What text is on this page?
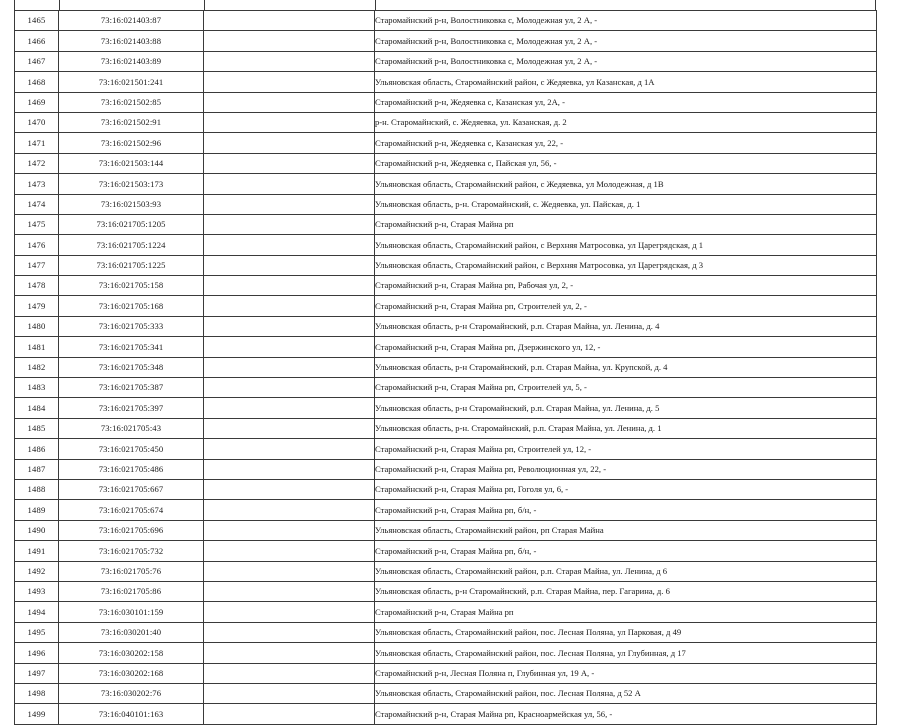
1465	73:16:021403:87		Старомайнский р-н, Волостниковка с, Молодежная ул, 2 А, -
1466	73:16:021403:88		Старомайнский р-н, Волостниковка с, Молодежная ул, 2 А, -
1467	73:16:021403:89		Старомайнский р-н, Волостниковка с, Молодежная ул, 2 А, -
1468	73:16:021501:241		Ульяновская область, Старомайнский район, с Жедяевка, ул Казанская, д 1А
1469	73:16:021502:85		Старомайнский р-н, Жедяевка с, Казанская ул, 2А, -
1470	73:16:021502:91		р-н. Старомайнский, с. Жедяевка, ул. Казанская, д. 2
1471	73:16:021502:96		Старомайнский р-н, Жедяевка с, Казанская ул, 22, -
1472	73:16:021503:144		Старомайнский р-н, Жедяевка с, Пайская ул, 56, -
1473	73:16:021503:173		Ульяновская область, Старомайнский район, с Жедяевка, ул Молодежная, д 1В
1474	73:16:021503:93		Ульяновская область, р-н. Старомайнский, с. Жедяевка, ул. Пайская, д. 1
1475	73:16:021705:1205		Старомайнский р-н, Старая Майна рп
1476	73:16:021705:1224		Ульяновская область, Старомайнский район, с Верхняя Матросовка, ул Царегрядская, д 1
1477	73:16:021705:1225		Ульяновская область, Старомайнский район, с Верхняя Матросовка, ул Царегрядская, д 3
1478	73:16:021705:158		Старомайнский р-н, Старая Майна рп, Рабочая ул, 2, -
1479	73:16:021705:168		Старомайнский р-н, Старая Майна рп, Строителей ул, 2, -
1480	73:16:021705:333		Ульяновская область, р-н Старомайнский, р.п. Старая Майна, ул. Ленина, д. 4
1481	73:16:021705:341		Старомайнский р-н, Старая Майна рп, Дзержинского ул, 12, -
1482	73:16:021705:348		Ульяновская область, р-н Старомайнский, р.п. Старая Майна, ул. Крупской, д. 4
1483	73:16:021705:387		Старомайнский р-н, Старая Майна рп, Строителей ул, 5, -
1484	73:16:021705:397		Ульяновская область, р-н Старомайнский, р.п. Старая Майна, ул. Ленина, д. 5
1485	73:16:021705:43		Ульяновская область, р-н. Старомайнский, р.п. Старая Майна, ул. Ленина, д. 1
1486	73:16:021705:450		Старомайнский р-н, Старая Майна рп, Строителей ул, 12, -
1487	73:16:021705:486		Старомайнский р-н, Старая Майна рп, Революционная ул, 22, -
1488	73:16:021705:667		Старомайнский р-н, Старая Майна рп, Гоголя ул, 6, -
1489	73:16:021705:674		Старомайнский р-н, Старая Майна рп, б/н, -
1490	73:16:021705:696		Ульяновская область, Старомайнский район, рп Старая Майна
1491	73:16:021705:732		Старомайнский р-н, Старая Майна рп, б/н, -
1492	73:16:021705:76		Ульяновская область, Старомайнский район, р.п. Старая Майна, ул. Ленина, д 6
1493	73:16:021705:86		Ульяновская область, р-н Старомайнский, р.п. Старая Майна, пер. Гагарина, д. 6
1494	73:16:030101:159		Старомайнский р-н, Старая Майна рп
1495	73:16:030201:40		Ульяновская область, Старомайнский район, пос. Лесная Поляна, ул Парковая, д 49
1496	73:16:030202:158		Ульяновская область, Старомайнский район, пос. Лесная Поляна, ул Глубинная, д 17
1497	73:16:030202:168		Старомайнский р-н, Лесная Поляна п, Глубинная ул, 19 А, -
1498	73:16:030202:76		Ульяновская область, Старомайнский район, пос. Лесная Поляна, д 52 А
1499	73:16:040101:163		Старомайнский р-н, Старая Майна рп, Красноармейская ул, 56, -
